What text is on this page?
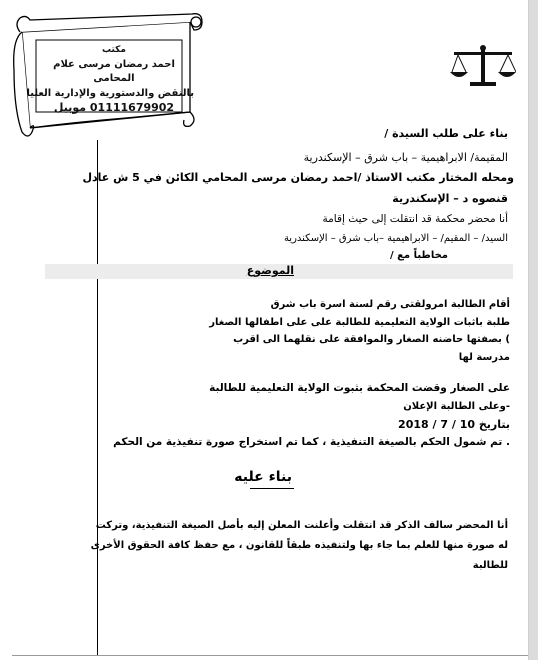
مكتب
احمد رمضان مرسى علام
المحامى
بالنقض والدستورية والإدارية العليا
01111679902 موبيل
بناء على طلب السيدة /
المقيمة/ الابراهيمية – باب شرق – الإسكندرية
ومحله المختار مكتب الاستاذ /احمد رمضان مرسى المحامي الكائن في 5 ش عادل
قنصوه د – الإسكندرية
أنا محضر محكمة قد انتقلت إلى حيث إقامة
السيد/ – المقيم/ – الابراهيمية –باب شرق – الإسكندرية
مخاطباً مع /
الموضوع
أقام الطالبة امرولقتى رقم لسنة اسرة باب شرق
طلبة باثبات الولاية التعليمية للطالبة على على اطفالها الصغار
) بصفتها حاضنه الصغار والموافقة على نقلهما الى اقرب
مدرسة لها
على الصغار وقضت المحكمة بثبوت الولاية التعليمية للطالبة
-وعلى الطالبة الإعلان
بتاريخ 10 / 7 / 2018
. تم شمول الحكم بالصيغة التنفيذية ، كما تم استخراج صورة تنفيذية من الحكم
بناء عليه
أنا المحضر سالف الذكر قد انتقلت وأعلنت المعلن إليه بأصل الصيغة التنفيذية، وتركت
له صورة منها للعلم بما جاء بها ولتنفيذه طبقاً للقانون ، مع حفظ كافة الحقوق الأخرى
للطالبة
